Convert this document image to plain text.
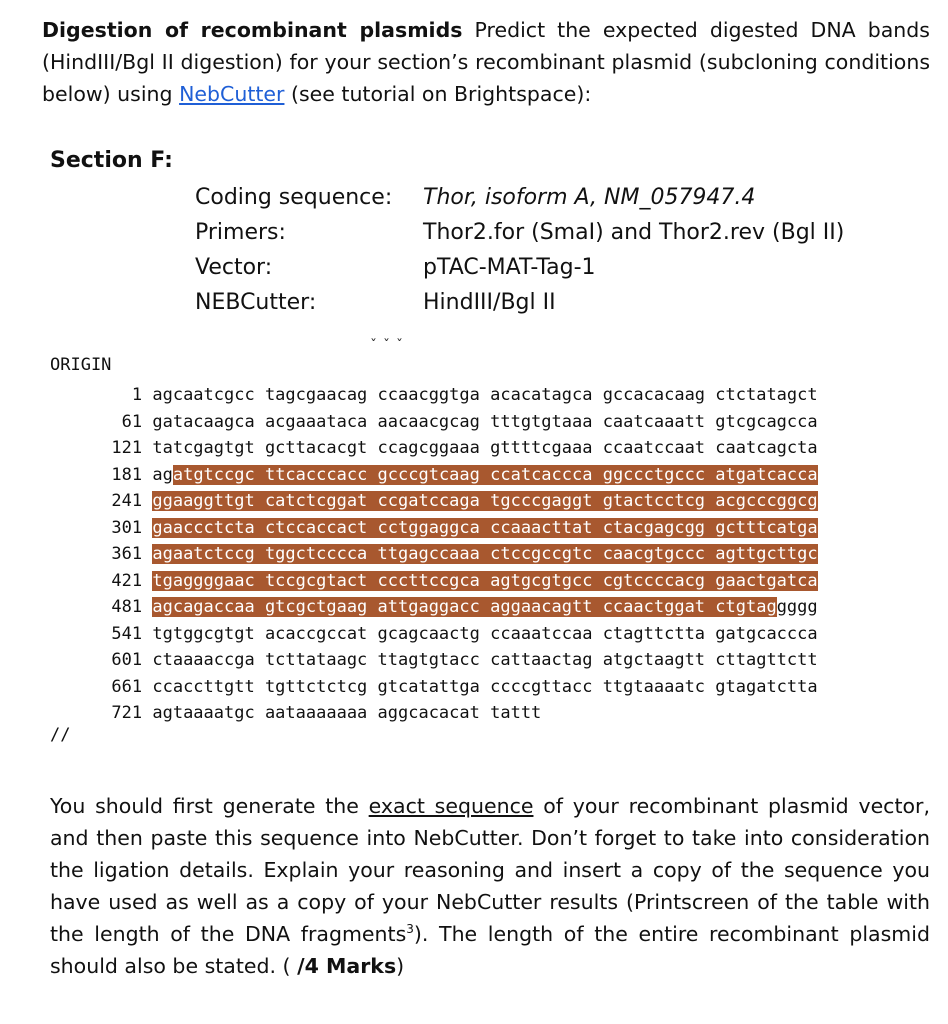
Digestion of recombinant plasmids Predict the expected digested DNA bands (HindIII/Bgl II digestion) for your section’s recombinant plasmid (subcloning conditions below) using NebCutter (see tutorial on Brightspace):
Section F:
Coding sequence:	Thor, isoform A, NM_057947.4
Primers:	Thor2.for (SmaI) and Thor2.rev (Bgl II)
Vector:	pTAC-MAT-Tag-1
NEBCutter:	HindIII/Bgl II
ˇˇˇ
ORIGIN
1 agcaatcgcc tagcgaacag ccaacggtga acacatagca gccacacaag ctctatagct
61 gatacaagca acgaaataca aacaacgcag tttgtgtaaa caatcaaatt gtcgcagcca
121 tatcgagtgt gcttacacgt ccagcggaaa gttttcgaaa ccaatccaat caatcagcta
181 agatgtccgc ttcacccacc gcccgtcaag ccatcaccca ggccctgccc atgatcacca
241 ggaaggttgt catctcggat ccgatccaga tgcccgaggt gtactcctcg acgcccggcg
301 gaaccctcta ctccaccact cctggaggca ccaaacttat ctacgagcgg gctttcatga
361 agaatctccg tggctcccca ttgagccaaa ctccgccgtc caacgtgccc agttgcttgc
421 tgaggggaac tccgcgtact cccttccgca agtgcgtgcc cgtccccacg gaactgatca
481 agcagaccaa gtcgctgaag attgaggacc aggaacagtt ccaactggat ctgtaggggg
541 tgtggcgtgt acaccgccat gcagcaactg ccaaatccaa ctagttctta gatgcaccca
601 ctaaaaccga tcttataagc ttagtgtacc cattaactag atgctaagtt cttagttctt
661 ccaccttgtt tgttctctcg gtcatattga ccccgttacc ttgtaaaatc gtagatctta
721 agtaaaatgc aataaaaaaa aggcacacat tattt
//
You should first generate the exact sequence of your recombinant plasmid vector, and then paste this sequence into NebCutter. Don’t forget to take into consideration the ligation details. Explain your reasoning and insert a copy of the sequence you have used as well as a copy of your NebCutter results (Printscreen of the table with the length of the DNA fragments$^3$). The length of the entire recombinant plasmid should also be stated. ( /4 Marks)
